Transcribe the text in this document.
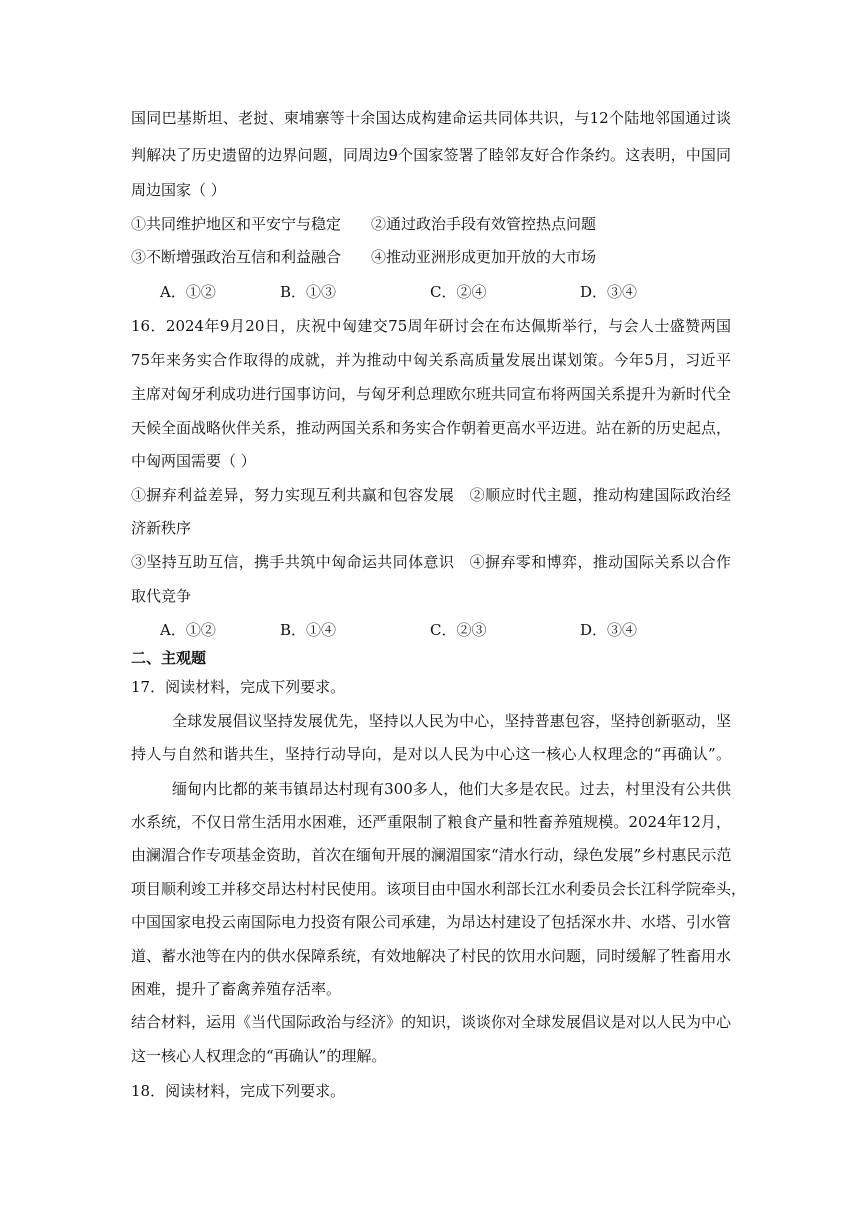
国同巴基斯坦、老挝、柬埔寨等十余国达成构建命运共同体共识，与12个陆地邻国通过谈
判解决了历史遗留的边界问题，同周边9个国家签署了睦邻友好合作条约。这表明，中国同
周边国家（ ）
①共同维护地区和平安宁与稳定　　②通过政治手段有效管控热点问题
③不断增强政治互信和利益融合　　④推动亚洲形成更加开放的大市场
A．①②	B．①③	C．②④	D．③④
16．2024年9月20日，庆祝中匈建交75周年研讨会在布达佩斯举行，与会人士盛赞两国
75年来务实合作取得的成就，并为推动中匈关系高质量发展出谋划策。今年5月，习近平
主席对匈牙利成功进行国事访问，与匈牙利总理欧尔班共同宣布将两国关系提升为新时代全
天候全面战略伙伴关系，推动两国关系和务实合作朝着更高水平迈进。站在新的历史起点，
中匈两国需要（ ）
①摒弃利益差异，努力实现互利共赢和包容发展　②顺应时代主题，推动构建国际政治经
济新秩序
③坚持互助互信，携手共筑中匈命运共同体意识　④摒弃零和博弈，推动国际关系以合作
取代竞争
A．①②	B．①④	C．②③	D．③④
二、主观题
17．阅读材料，完成下列要求。
全球发展倡议坚持发展优先，坚持以人民为中心，坚持普惠包容，坚持创新驱动，坚
持人与自然和谐共生，坚持行动导向，是对以人民为中心这一核心人权理念的“再确认”。
缅甸内比都的莱韦镇昂达村现有300多人，他们大多是农民。过去，村里没有公共供
水系统，不仅日常生活用水困难，还严重限制了粮食产量和牲畜养殖规模。2024年12月，
由澜湄合作专项基金资助，首次在缅甸开展的澜湄国家“清水行动，绿色发展”乡村惠民示范
项目顺利竣工并移交昂达村村民使用。该项目由中国水利部长江水利委员会长江科学院牵头，
中国国家电投云南国际电力投资有限公司承建，为昂达村建设了包括深水井、水塔、引水管
道、蓄水池等在内的供水保障系统，有效地解决了村民的饮用水问题，同时缓解了牲畜用水
困难，提升了畜禽养殖存活率。
结合材料，运用《当代国际政治与经济》的知识，谈谈你对全球发展倡议是对以人民为中心
这一核心人权理念的“再确认”的理解。
18．阅读材料，完成下列要求。
